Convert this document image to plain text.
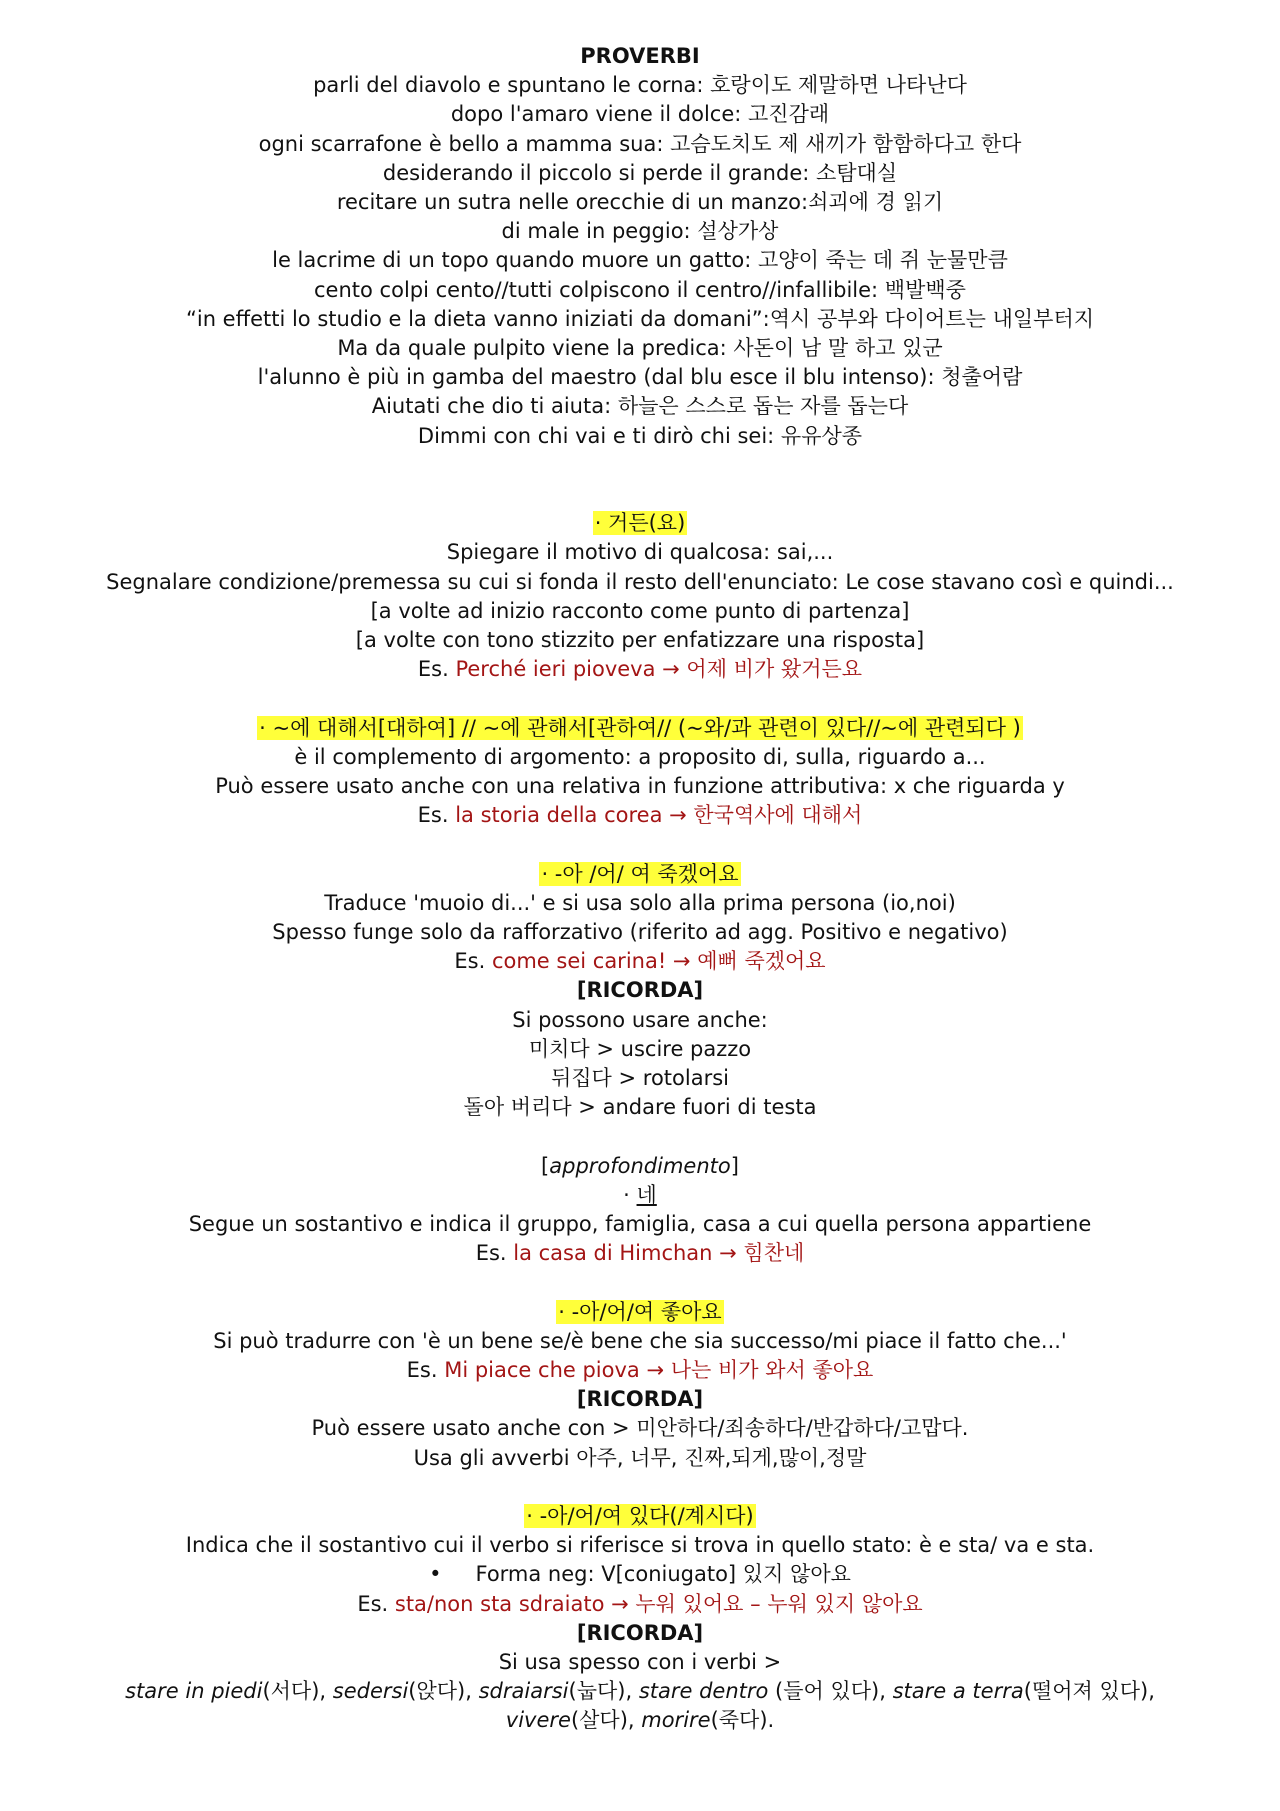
PROVERBI
parli del diavolo e spuntano le corna: 호랑이도 제말하면 나타난다
dopo l'amaro viene il dolce: 고진감래
ogni scarrafone è bello a mamma sua: 고슴도치도 제 새끼가 함함하다고 한다
desiderando il piccolo si perde il grande: 소탐대실
recitare un sutra nelle orecchie di un manzo:쇠괴에 경 읽기
di male in peggio: 설상가상
le lacrime di un topo quando muore un gatto: 고양이 죽는 데 쥐 눈물만큼
cento colpi cento//tutti colpiscono il centro//infallibile: 백발백중
“in effetti lo studio e la dieta vanno iniziati da domani”:역시 공부와 다이어트는 내일부터지
Ma da quale pulpito viene la predica: 사돈이 남 말 하고 있군
l'alunno è più in gamba del maestro (dal blu esce il blu intenso): 청출어람
Aiutati che dio ti aiuta: 하늘은 스스로 돕는 자를 돕는다
Dimmi con chi vai e ti dirò chi sei: 유유상종
· 거든(요)
Spiegare il motivo di qualcosa: sai,...
Segnalare condizione/premessa su cui si fonda il resto dell'enunciato: Le cose stavano così e quindi...
[a volte ad inizio racconto come punto di partenza]
[a volte con tono stizzito per enfatizzare una risposta]
Es. Perché ieri pioveva → 어제 비가 왔거든요
· ~에 대해서[대하여] // ~에 관해서[관하여// (~와/과 관련이 있다//~에 관련되다 )
è il complemento di argomento: a proposito di, sulla, riguardo a...
Può essere usato anche con una relativa in funzione attributiva: x che riguarda y
Es. la storia della corea → 한국역사에 대해서
· -아 /어/ 여 죽겠어요
Traduce 'muoio di...' e si usa solo alla prima persona (io,noi)
Spesso funge solo da rafforzativo (riferito ad agg. Positivo e negativo)
Es. come sei carina! → 예뻐 죽겠어요
[RICORDA]
Si possono usare anche:
미치다 > uscire pazzo
뒤집다 > rotolarsi
돌아 버리다 > andare fuori di testa
[approfondimento]
· 네
Segue un sostantivo e indica il gruppo, famiglia, casa a cui quella persona appartiene
Es. la casa di Himchan → 힘찬네
· -아/어/여 좋아요
Si può tradurre con 'è un bene se/è bene che sia successo/mi piace il fatto che...'
Es. Mi piace che piova → 나는 비가 와서 좋아요
[RICORDA]
Può essere usato anche con > 미안하다/죄송하다/반갑하다/고맙다.
Usa gli avverbi 아주, 너무, 진짜,되게,많이,정말
· -아/어/여 있다(/계시다)
Indica che il sostantivo cui il verbo si riferisce si trova in quello stato: è e sta/ va e sta.
• Forma neg: V[coniugato] 있지 않아요
Es. sta/non sta sdraiato → 누워 있어요 – 누워 있지 않아요
[RICORDA]
Si usa spesso con i verbi >
stare in piedi(서다), sedersi(앉다), sdraiarsi(눕다), stare dentro (들어 있다), stare a terra(떨어져 있다),
vivere(살다), morire(죽다).
